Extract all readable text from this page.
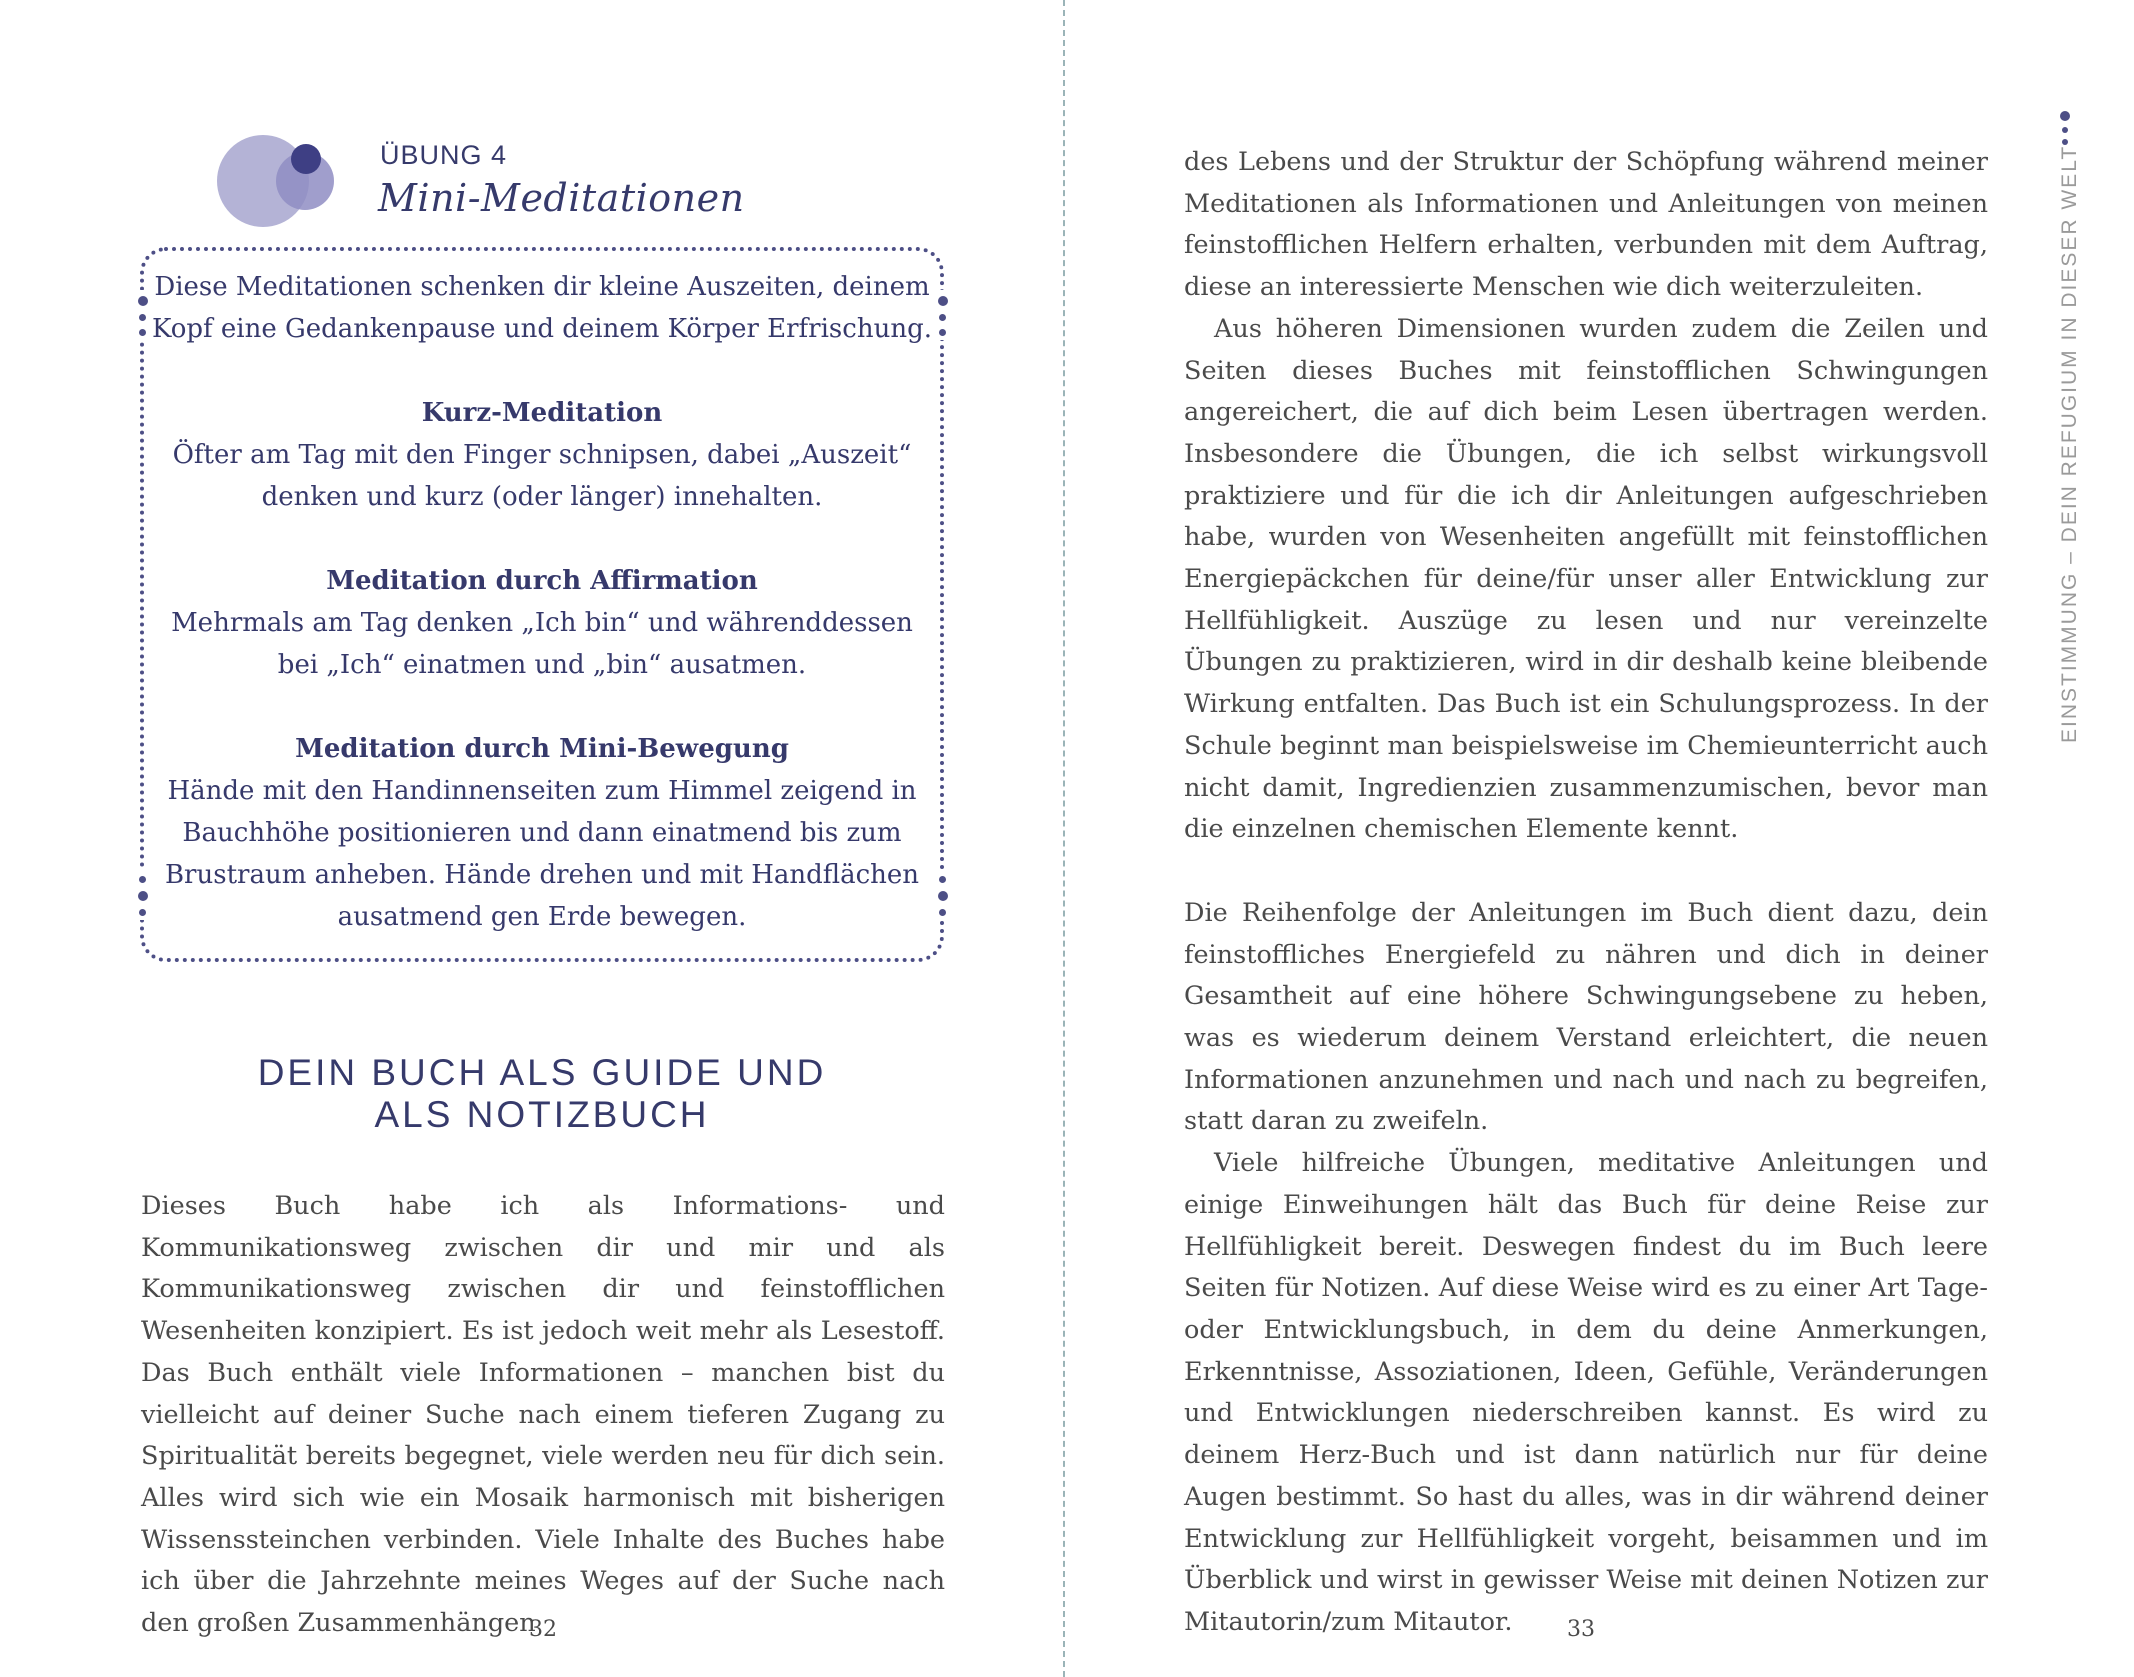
ÜBUNG 4
Mini-Meditationen

Diese Meditationen schenken dir kleine Auszeiten, deinem

Kopf eine Gedankenpause und deinem Körper Erfrischung.

Kurz-Meditation

Öfter am Tag mit den Finger schnipsen, dabei „Auszeit“

denken und kurz (oder länger) innehalten.

Meditation durch Affirmation

Mehrmals am Tag denken „Ich bin“ und währenddessen

bei „Ich“ einatmen und „bin“ ausatmen.

Meditation durch Mini-Bewegung

Hände mit den Handinnenseiten zum Himmel zeigend in

Bauchhöhe positionieren und dann einatmend bis zum

Brustraum anheben. Hände drehen und mit Handflächen

ausatmend gen Erde bewegen.

DEIN BUCH ALS GUIDE UND
ALS NOTIZBUCH

Dieses Buch habe ich als Informations- und Kommunikationsweg zwischen dir und mir und als Kommunikationsweg zwischen dir und feinstofflichen Wesenheiten konzipiert. Es ist jedoch weit mehr als Lesestoff. Das Buch enthält viele Informationen – manchen bist du vielleicht auf deiner Suche nach einem tieferen Zugang zu Spiritualität bereits begegnet, viele werden neu für dich sein. Alles wird sich wie ein Mosaik harmonisch mit bisherigen Wissenssteinchen verbinden. Viele Inhalte des Buches habe ich über die Jahrzehnte meines Weges auf der Suche nach den großen Zusammenhängen

32

des Lebens und der Struktur der Schöpfung während meiner Meditationen als Informationen und Anleitungen von meinen feinstofflichen Helfern erhalten, verbunden mit dem Auftrag, diese an interessierte Menschen wie dich weiterzuleiten.

Aus höheren Dimensionen wurden zudem die Zeilen und Seiten dieses Buches mit feinstofflichen Schwingungen angereichert, die auf dich beim Lesen übertragen werden. Insbesondere die Übungen, die ich selbst wirkungsvoll praktiziere und für die ich dir Anleitungen aufgeschrieben habe, wurden von Wesenheiten angefüllt mit feinstofflichen Energiepäckchen für deine/für unser aller Entwicklung zur Hellfühligkeit. Auszüge zu lesen und nur vereinzelte Übungen zu praktizieren, wird in dir deshalb keine bleibende Wirkung entfalten. Das Buch ist ein Schulungsprozess. In der Schule beginnt man beispielsweise im Chemieunterricht auch nicht damit, Ingredienzien zusammenzumischen, bevor man die einzelnen chemischen Elemente kennt.

Die Reihenfolge der Anleitungen im Buch dient dazu, dein feinstoffliches Energiefeld zu nähren und dich in deiner Gesamtheit auf eine höhere Schwingungsebene zu heben, was es wiederum deinem Verstand erleichtert, die neuen Informationen anzunehmen und nach und nach zu begreifen, statt daran zu zweifeln.

Viele hilfreiche Übungen, meditative Anleitungen und einige Einweihungen hält das Buch für deine Reise zur Hellfühligkeit bereit. Deswegen findest du im Buch leere Seiten für Notizen. Auf diese Weise wird es zu einer Art Tage- oder Entwicklungsbuch, in dem du deine Anmerkungen, Erkenntnisse, Assoziationen, Ideen, Gefühle, Veränderungen und Entwicklungen niederschreiben kannst. Es wird zu deinem Herz-Buch und ist dann natürlich nur für deine Augen bestimmt. So hast du alles, was in dir während deiner Entwicklung zur Hellfühligkeit vorgeht, beisammen und im Überblick und wirst in gewisser Weise mit deinen Notizen zur Mitautorin/zum Mitautor.

EINSTIMMUNG – DEIN REFUGIUM IN DIESER WELT
33
